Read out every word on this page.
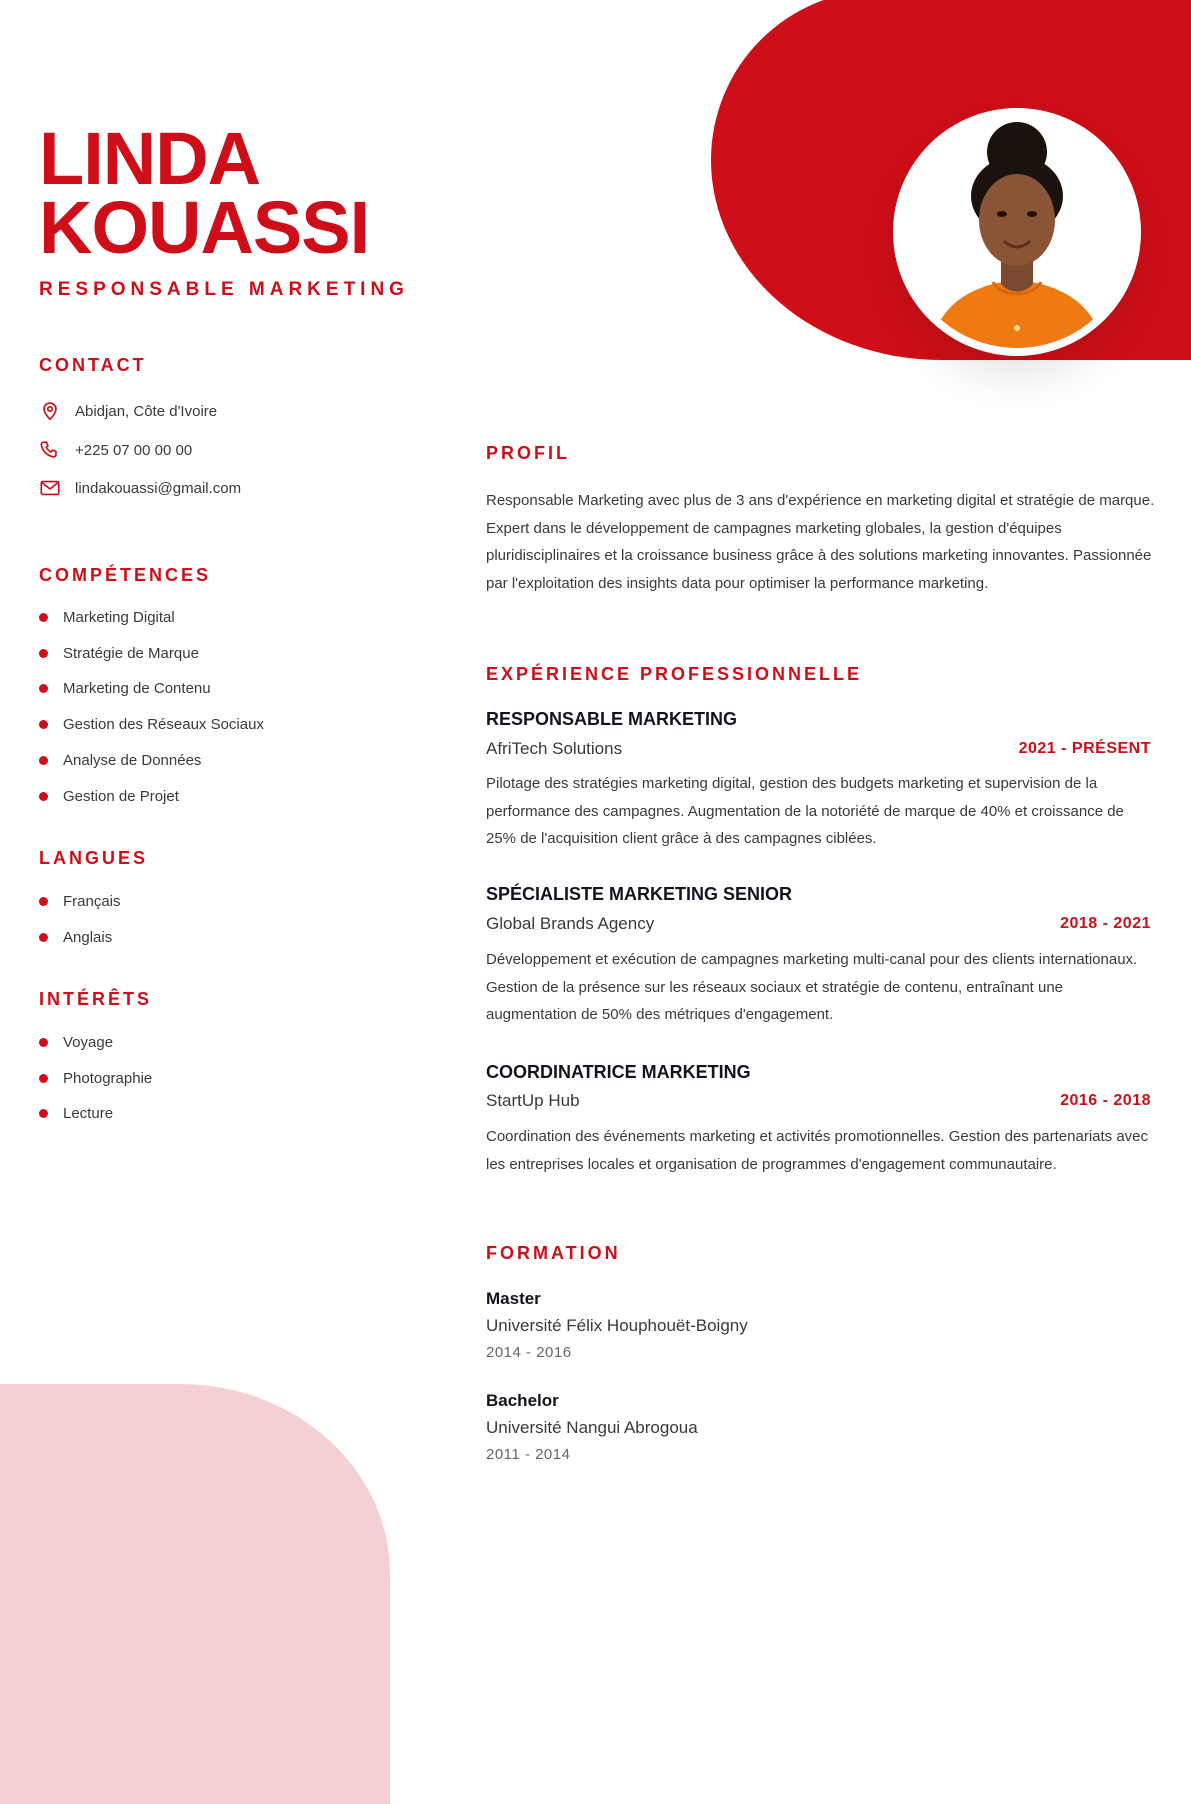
LINDA
KOUASSI
RESPONSABLE MARKETING
CONTACT
Abidjan, Côte d'Ivoire
+225 07 00 00 00
lindakouassi@gmail.com
COMPÉTENCES
Marketing Digital
Stratégie de Marque
Marketing de Contenu
Gestion des Réseaux Sociaux
Analyse de Données
Gestion de Projet
LANGUES
Français
Anglais
INTÉRÊTS
Voyage
Photographie
Lecture
PROFIL
Responsable Marketing avec plus de 3 ans d'expérience en marketing digital et stratégie de marque. Expert dans le développement de campagnes marketing globales, la gestion d'équipes pluridisciplinaires et la croissance business grâce à des solutions marketing innovantes. Passionnée par l'exploitation des insights data pour optimiser la performance marketing.
EXPÉRIENCE PROFESSIONNELLE
RESPONSABLE MARKETING
AfriTech Solutions	2021 - PRÉSENT
Pilotage des stratégies marketing digital, gestion des budgets marketing et supervision de la performance des campagnes. Augmentation de la notoriété de marque de 40% et croissance de 25% de l'acquisition client grâce à des campagnes ciblées.
SPÉCIALISTE MARKETING SENIOR
Global Brands Agency	2018 - 2021
Développement et exécution de campagnes marketing multi-canal pour des clients internationaux. Gestion de la présence sur les réseaux sociaux et stratégie de contenu, entraînant une augmentation de 50% des métriques d'engagement.
COORDINATRICE MARKETING
StartUp Hub	2016 - 2018
Coordination des événements marketing et activités promotionnelles. Gestion des partenariats avec les entreprises locales et organisation de programmes d'engagement communautaire.
FORMATION
Master
Université Félix Houphouët-Boigny
2014 - 2016
Bachelor
Université Nangui Abrogoua
2011 - 2014
